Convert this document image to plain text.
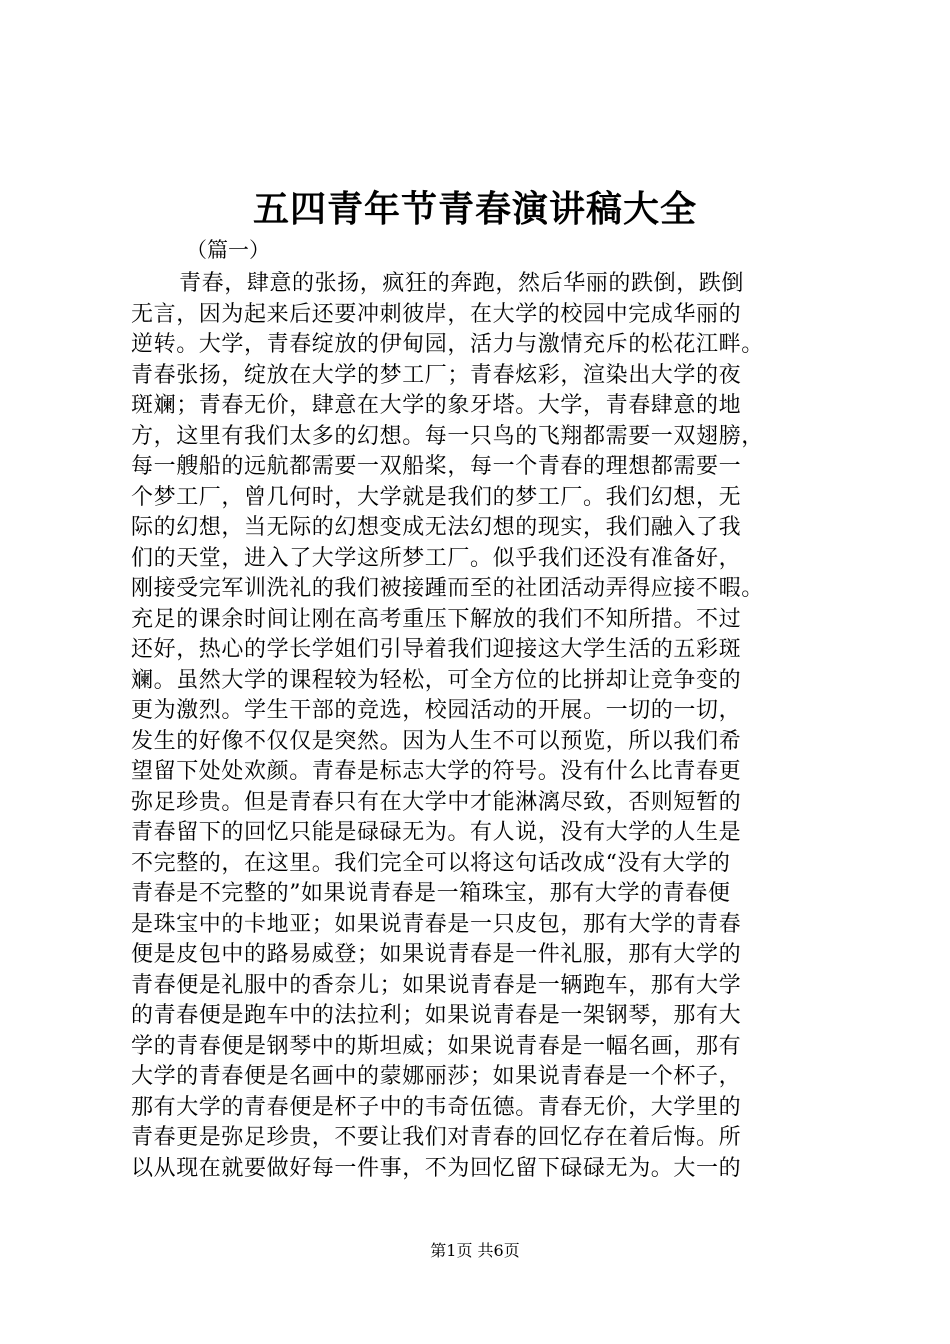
五四青年节青春演讲稿大全
（篇一）
青春，肆意的张扬，疯狂的奔跑，然后华丽的跌倒，跌倒
无言，因为起来后还要冲刺彼岸，在大学的校园中完成华丽的
逆转。大学，青春绽放的伊甸园，活力与激情充斥的松花江畔。
青春张扬，绽放在大学的梦工厂；青春炫彩，渲染出大学的夜
斑斓；青春无价，肆意在大学的象牙塔。大学，青春肆意的地
方，这里有我们太多的幻想。每一只鸟的飞翔都需要一双翅膀，
每一艘船的远航都需要一双船桨，每一个青春的理想都需要一
个梦工厂，曾几何时，大学就是我们的梦工厂。我们幻想，无
际的幻想，当无际的幻想变成无法幻想的现实，我们融入了我
们的天堂，进入了大学这所梦工厂。似乎我们还没有准备好，
刚接受完军训洗礼的我们被接踵而至的社团活动弄得应接不暇。
充足的课余时间让刚在高考重压下解放的我们不知所措。不过
还好，热心的学长学姐们引导着我们迎接这大学生活的五彩斑
斓。虽然大学的课程较为轻松，可全方位的比拼却让竞争变的
更为激烈。学生干部的竞选，校园活动的开展。一切的一切，
发生的好像不仅仅是突然。因为人生不可以预览，所以我们希
望留下处处欢颜。青春是标志大学的符号。没有什么比青春更
弥足珍贵。但是青春只有在大学中才能淋漓尽致，否则短暂的
青春留下的回忆只能是碌碌无为。有人说，没有大学的人生是
不完整的，在这里。我们完全可以将这句话改成“没有大学的
青春是不完整的”如果说青春是一箱珠宝，那有大学的青春便
是珠宝中的卡地亚；如果说青春是一只皮包，那有大学的青春
便是皮包中的路易威登；如果说青春是一件礼服，那有大学的
青春便是礼服中的香奈儿；如果说青春是一辆跑车，那有大学
的青春便是跑车中的法拉利；如果说青春是一架钢琴，那有大
学的青春便是钢琴中的斯坦威；如果说青春是一幅名画，那有
大学的青春便是名画中的蒙娜丽莎；如果说青春是一个杯子，
那有大学的青春便是杯子中的韦奇伍德。青春无价，大学里的
青春更是弥足珍贵，不要让我们对青春的回忆存在着后悔。所
以从现在就要做好每一件事，不为回忆留下碌碌无为。大一的
第1页 共6页
